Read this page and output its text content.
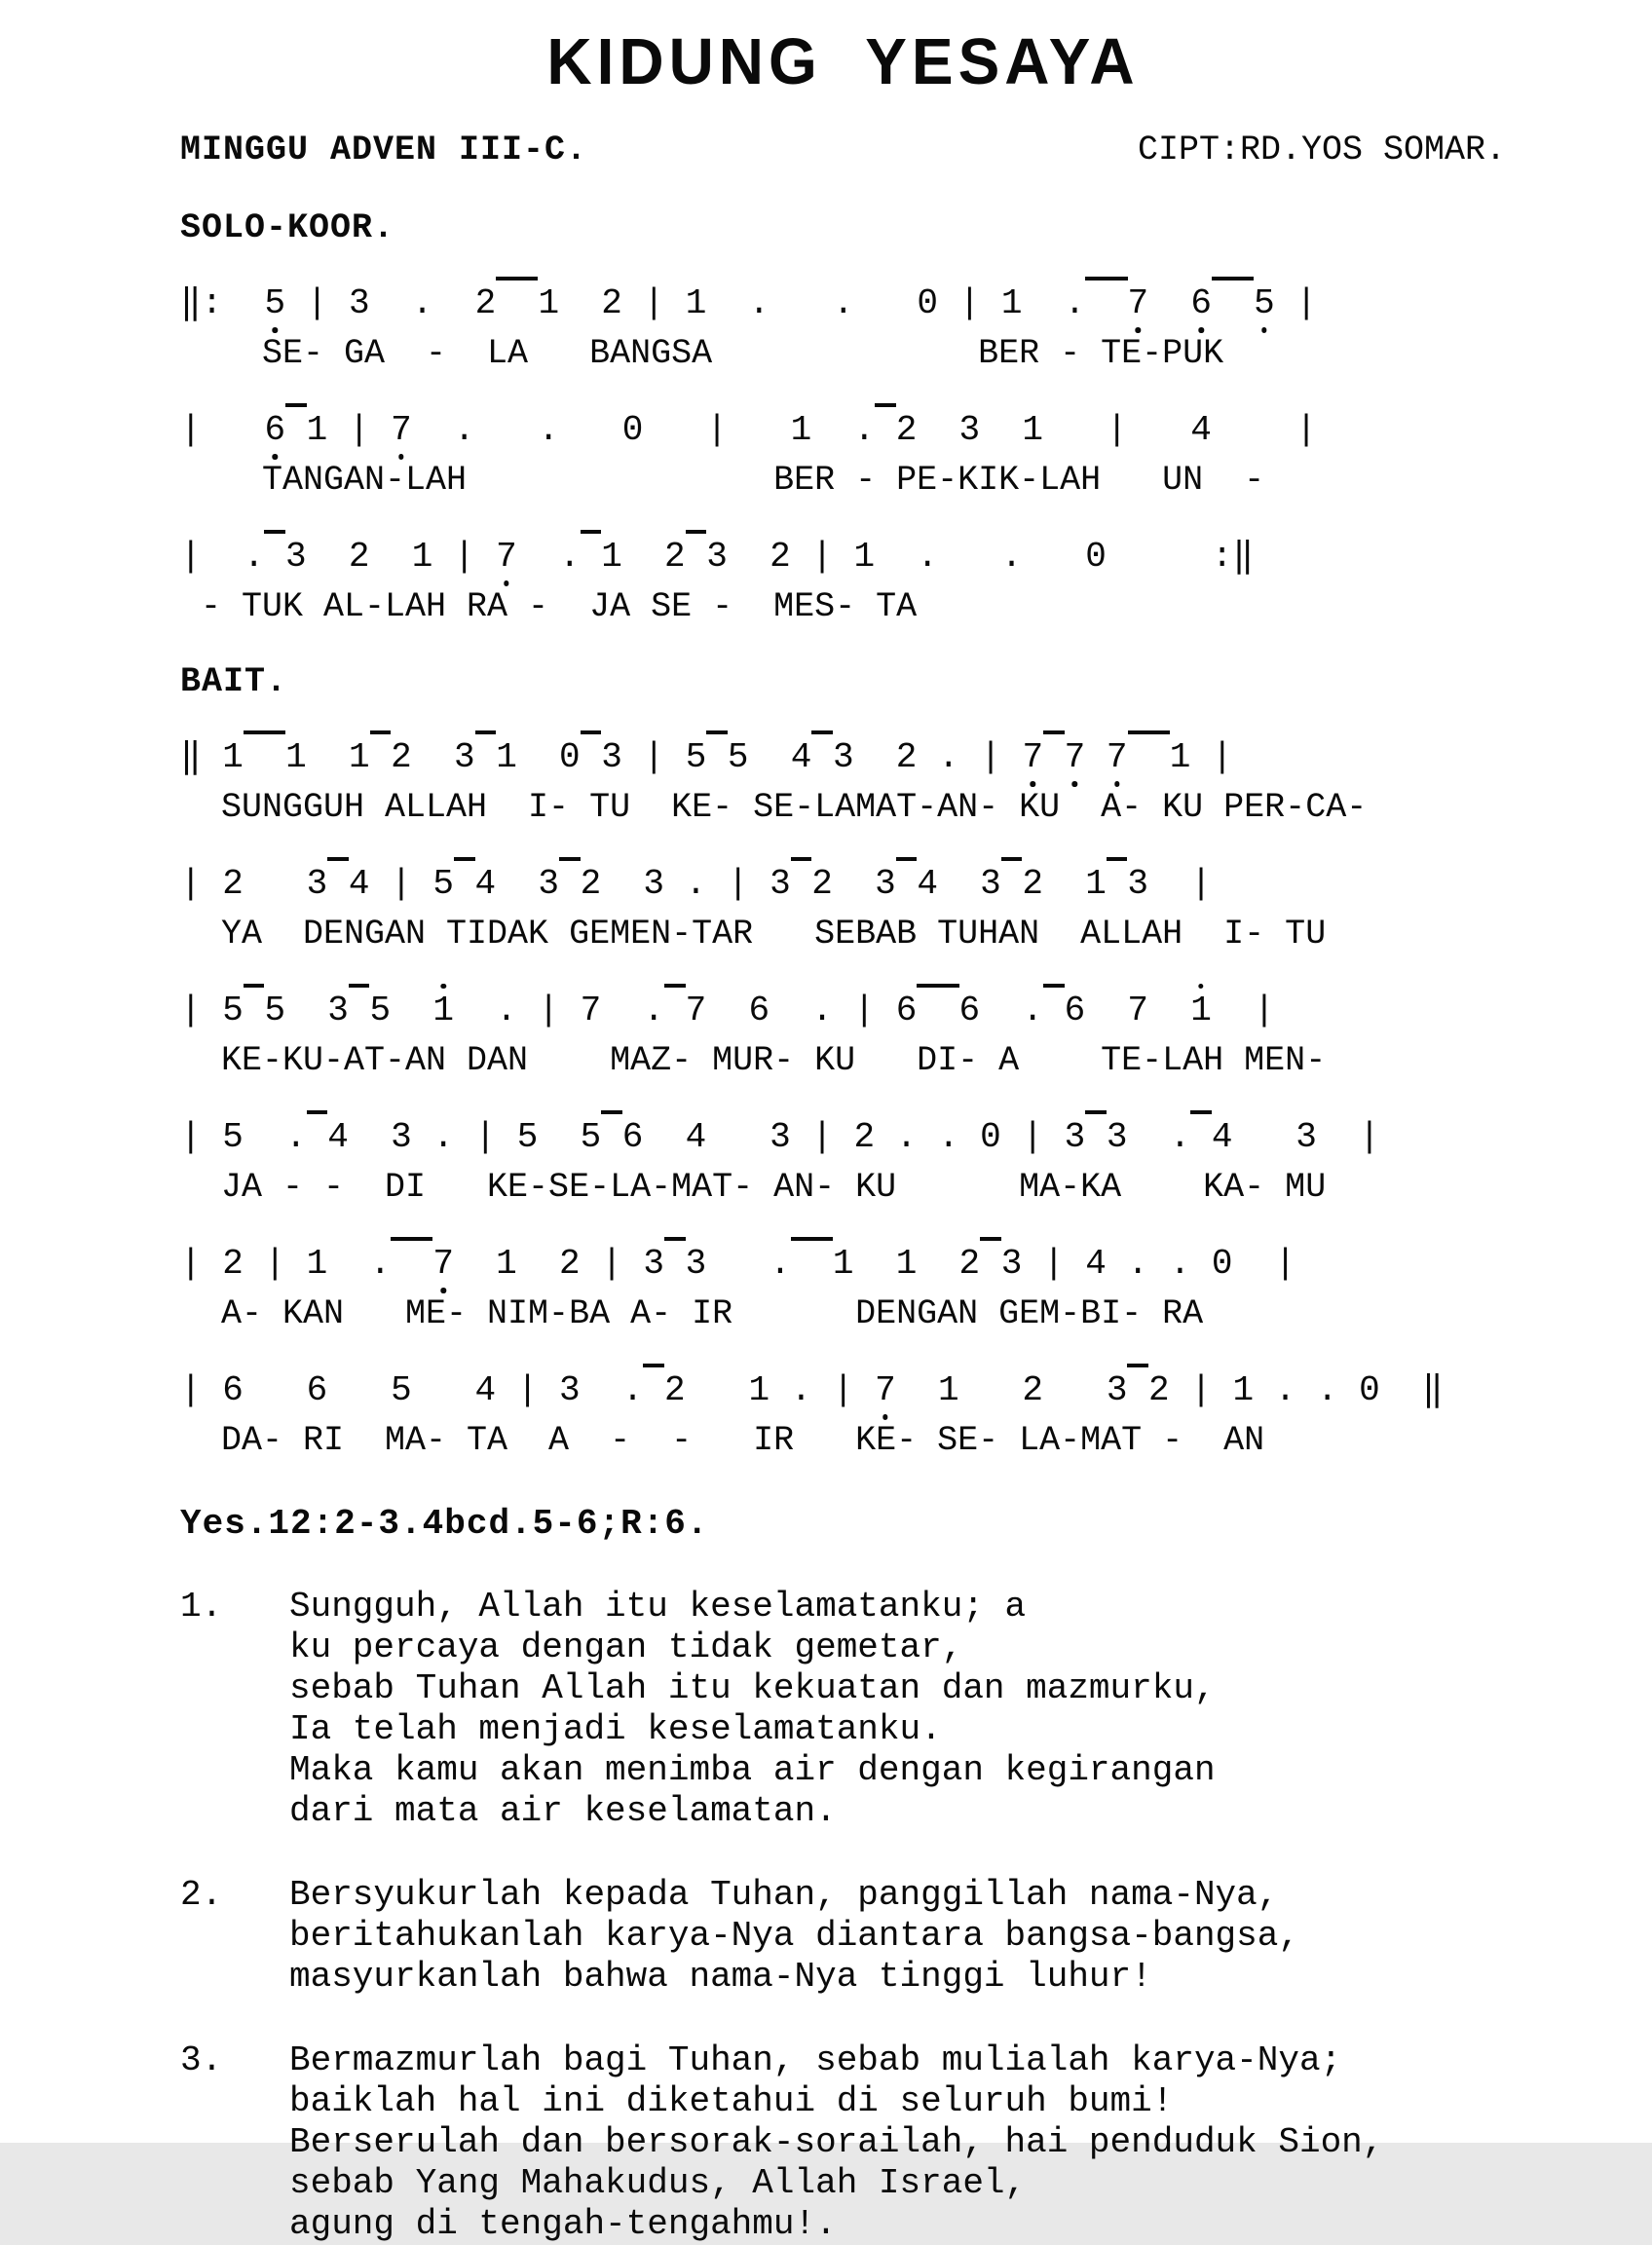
KIDUNG  YESAYA
MINGGU ADVEN III-C.	CIPT:RD.YOS SOMAR.
SOLO-KOOR.
‖: 5 | 3 . 2 1 2 | 1 . . 0 | 1 . 7 6 5 |
SE- GA  -  LA   BANGSA             BER - TE-PUK
| 6 1 | 7 . . 0 | 1 . 2 3 1 | 4 |
TANGAN-LAH               BER - PE-KIK-LAH   UN  -
| . 3 2 1 | 7 . 1 2 3 2 | 1 . . 0	:‖
- TUK AL-LAH RA -  JA SE -  MES- TA
BAIT.
‖ 1 1 1 2 3 1 0 3 | 5 5 4 3 2 . | 7 7 7 1 |
SUNGGUH ALLAH  I- TU  KE- SE-LAMAT-AN- KU  A- KU PER-CA-
| 2 3 4 | 5 4 3 2 3 . | 3 2 3 4 3 2 1 3 |
YA  DENGAN TIDAK GEMEN-TAR   SEBAB TUHAN  ALLAH  I- TU
| 5 5 3 5 1 . | 7 . 7 6 . | 6 6 . 6 7 1 |
KE-KU-AT-AN DAN    MAZ- MUR- KU   DI- A    TE-LAH MEN-
| 5 . 4 3 . | 5 5 6 4 3 | 2 . . 0 | 3 3 . 4 3 |
JA - -  DI   KE-SE-LA-MAT- AN- KU      MA-KA    KA- MU
| 2 | 1 . 7 1 2 | 3 3 . 1 1 2 3 | 4 . . 0 |
A- KAN   ME- NIM-BA A- IR      DENGAN GEM-BI- RA
| 6 6 5 4 | 3 . 2 1 . | 7 1 2 3 2 | 1 . . 0 ‖
DA- RI  MA- TA  A  -  -   IR   KE- SE- LA-MAT -  AN
Yes.12:2-3.4bcd.5-6;R:6.
1.	Sungguh, Allah itu keselamatanku; a
ku percaya dengan tidak gemetar,
sebab Tuhan Allah itu kekuatan dan mazmurku,
Ia telah menjadi keselamatanku.
Maka kamu akan menimba air dengan kegirangan
dari mata air keselamatan.
2.	Bersyukurlah kepada Tuhan, panggillah nama-Nya,
beritahukanlah karya-Nya diantara bangsa-bangsa,
masyurkanlah bahwa nama-Nya tinggi luhur!
3.	Bermazmurlah bagi Tuhan, sebab mulialah karya-Nya;
baiklah hal ini diketahui di seluruh bumi!
Berserulah dan bersorak-sorailah, hai penduduk Sion,
sebab Yang Mahakudus, Allah Israel,
agung di tengah-tengahmu!.
